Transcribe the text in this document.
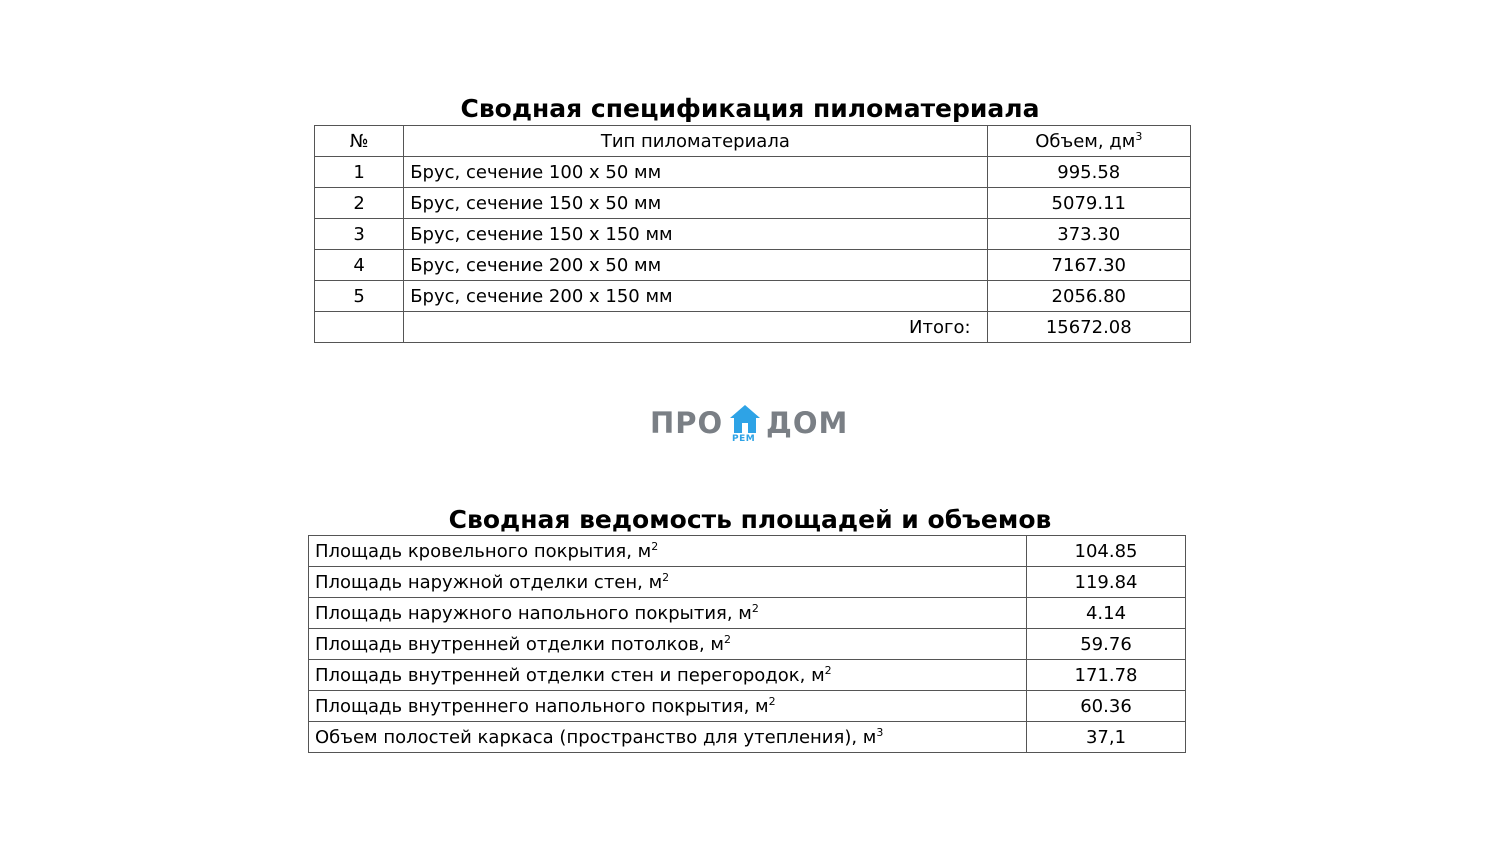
Сводная спецификация пиломатериала
№	Тип пиломатериала	Объем, $дм^3$
1	Брус, сечение 100 х 50 мм	995.58
2	Брус, сечение 150 х 50 мм	5079.11
3	Брус, сечение 150 х 150 мм	373.30
4	Брус, сечение 200 х 50 мм	7167.30
5	Брус, сечение 200 х 150 мм	2056.80
	Итого:	15672.08
ПРО РЕМ ДОМ
Сводная ведомость площадей и объемов
Площадь кровельного покрытия, $м^2$	104.85
Площадь наружной отделки стен, $м^2$	119.84
Площадь наружного напольного покрытия, $м^2$	4.14
Площадь внутренней отделки потолков, $м^2$	59.76
Площадь внутренней отделки стен и перегородок, $м^2$	171.78
Площадь внутреннего напольного покрытия, $м^2$	60.36
Объем полостей каркаса (пространство для утепления), $м^3$	37,1
